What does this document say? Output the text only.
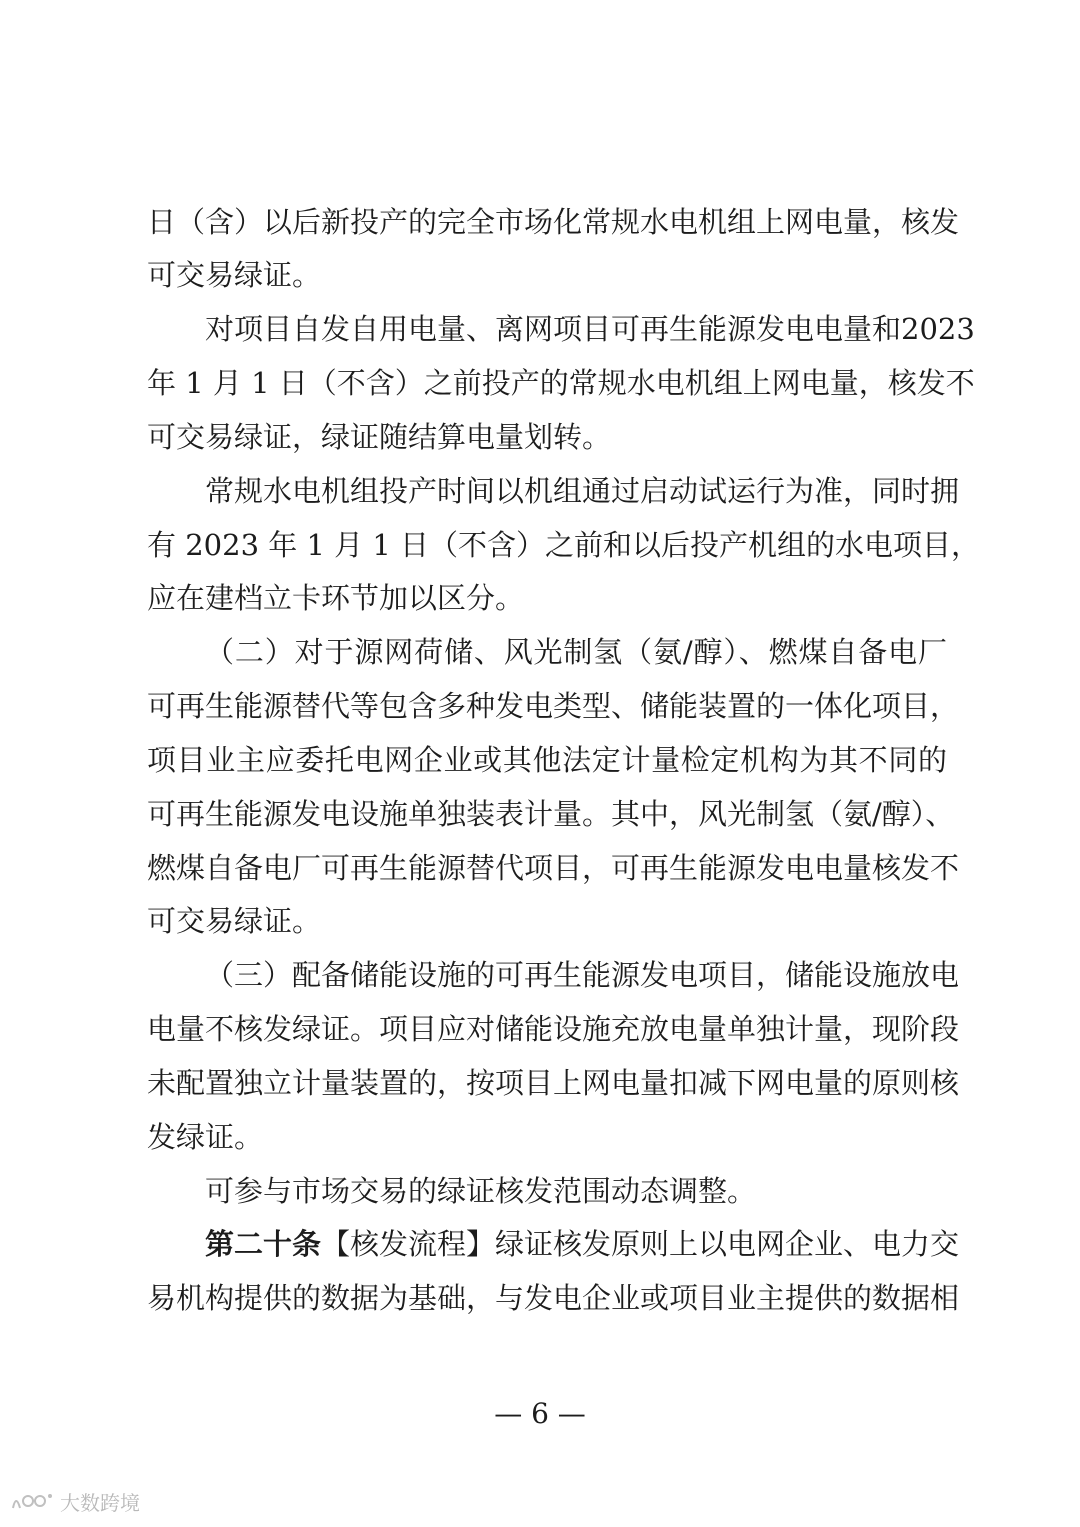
日（含）以后新投产的完全市场化常规水电机组上网电量，核发
可交易绿证。
对项目自发自用电量、离网项目可再生能源发电电量和2023
年 1 月 1 日（不含）之前投产的常规水电机组上网电量，核发不
可交易绿证，绿证随结算电量划转。
常规水电机组投产时间以机组通过启动试运行为准，同时拥
有 2023 年 1 月 1 日（不含）之前和以后投产机组的水电项目，
应在建档立卡环节加以区分。
（二）对于源网荷储、风光制氢（氨/醇）、燃煤自备电厂
可再生能源替代等包含多种发电类型、储能装置的一体化项目，
项目业主应委托电网企业或其他法定计量检定机构为其不同的
可再生能源发电设施单独装表计量。其中，风光制氢（氨/醇）、
燃煤自备电厂可再生能源替代项目，可再生能源发电电量核发不
可交易绿证。
（三）配备储能设施的可再生能源发电项目，储能设施放电
电量不核发绿证。项目应对储能设施充放电量单独计量，现阶段
未配置独立计量装置的，按项目上网电量扣减下网电量的原则核
发绿证。
可参与市场交易的绿证核发范围动态调整。
第二十条【核发流程】绿证核发原则上以电网企业、电力交
易机构提供的数据为基础，与发电企业或项目业主提供的数据相
— 6 —
大数跨境
